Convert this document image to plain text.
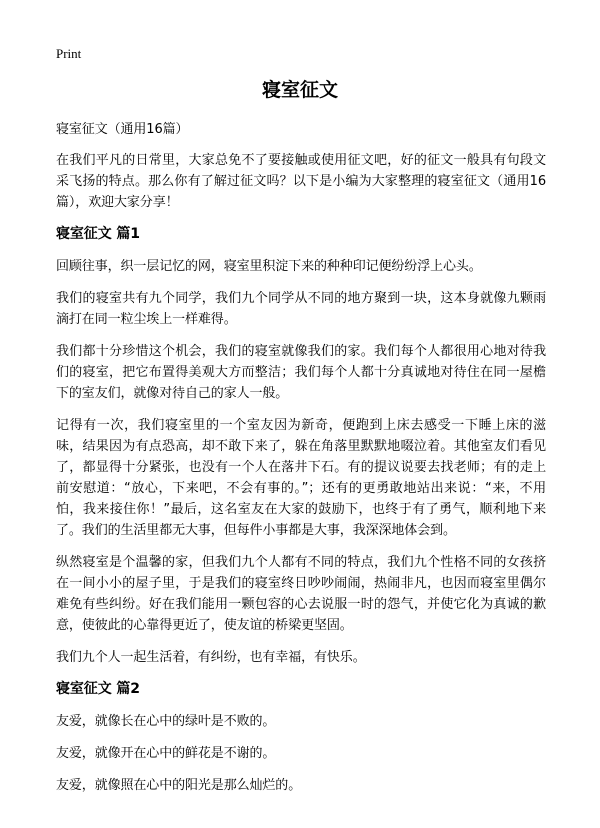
Print
寝室征文

寝室征文（通用16篇）

在我们平凡的日常里，大家总免不了要接触或使用征文吧，好的征文一般具有句段文采飞扬的特点。那么你有了解过征文吗？以下是小编为大家整理的寝室征文（通用16篇），欢迎大家分享！

寝室征文 篇1

回顾往事，织一层记忆的网，寝室里积淀下来的种种印记便纷纷浮上心头。

我们的寝室共有九个同学，我们九个同学从不同的地方聚到一块，这本身就像九颗雨滴打在同一粒尘埃上一样难得。

我们都十分珍惜这个机会，我们的寝室就像我们的家。我们每个人都很用心地对待我们的寝室，把它布置得美观大方而整洁；我们每个人都十分真诚地对待住在同一屋檐下的室友们，就像对待自己的家人一般。

记得有一次，我们寝室里的一个室友因为新奇，便跑到上床去感受一下睡上床的滋味，结果因为有点恐高，却不敢下来了，躲在角落里默默地啜泣着。其他室友们看见了，都显得十分紧张，也没有一个人在落井下石。有的提议说要去找老师；有的走上前安慰道：“放心，下来吧，不会有事的。”；还有的更勇敢地站出来说：“来，不用怕，我来接住你！”最后，这名室友在大家的鼓励下，也终于有了勇气，顺利地下来了。我们的生活里都无大事，但每件小事都是大事，我深深地体会到。

纵然寝室是个温馨的家，但我们九个人都有不同的特点，我们九个性格不同的女孩挤在一间小小的屋子里，于是我们的寝室终日吵吵闹闹，热闹非凡，也因而寝室里偶尔难免有些纠纷。好在我们能用一颗包容的心去说服一时的怨气，并使它化为真诚的歉意，使彼此的心靠得更近了，使友谊的桥梁更坚固。

我们九个人一起生活着，有纠纷，也有幸福，有快乐。

寝室征文 篇2

友爱，就像长在心中的绿叶是不败的。

友爱，就像开在心中的鲜花是不谢的。

友爱，就像照在心中的阳光是那么灿烂的。
